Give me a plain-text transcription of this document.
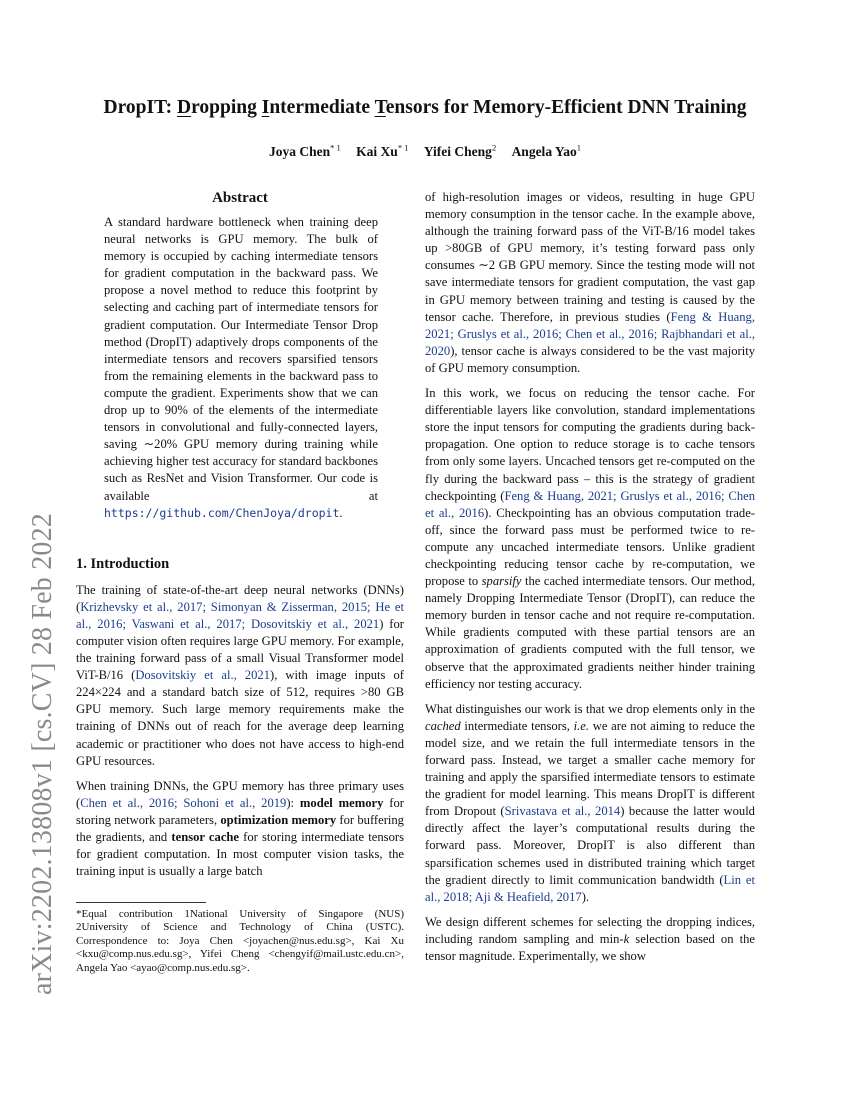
arXiv:2202.13808v1 [cs.CV] 28 Feb 2022
DropIT: Dropping Intermediate Tensors for Memory-Efficient DNN Training
Joya Chen$^{* 1}$ Kai Xu$^{* 1}$ Yifei Cheng$^2$ Angela Yao$^1$
Abstract
A standard hardware bottleneck when training deep neural networks is GPU memory. The bulk of memory is occupied by caching intermediate tensors for gradient computation in the backward pass. We propose a novel method to reduce this footprint by selecting and caching part of intermediate tensors for gradient computation. Our Intermediate Tensor Drop method (DropIT) adaptively drops components of the intermediate tensors and recovers sparsified tensors from the remaining elements in the backward pass to compute the gradient. Experiments show that we can drop up to 90% of the elements of the intermediate tensors in convolutional and fully-connected layers, saving ∼20% GPU memory during training while achieving higher test accuracy for standard backbones such as ResNet and Vision Transformer. Our code is available at https://github.com/ChenJoya/dropit.
1. Introduction

The training of state-of-the-art deep neural networks (DNNs) (Krizhevsky et al., 2017; Simonyan & Zisserman, 2015; He et al., 2016; Vaswani et al., 2017; Dosovitskiy et al., 2021) for computer vision often requires large GPU memory. For example, the training forward pass of a small Visual Transformer model ViT-B/16 (Dosovitskiy et al., 2021), with image inputs of 224×224 and a standard batch size of 512, requires >80 GB GPU memory. Such large memory requirements make the training of DNNs out of reach for the average deep learning academic or practitioner who does not have access to high-end GPU resources.

When training DNNs, the GPU memory has three primary uses (Chen et al., 2016; Sohoni et al., 2019): model memory for storing network parameters, optimization memory for buffering the gradients, and tensor cache for storing intermediate tensors for gradient computation. In most computer vision tasks, the training input is usually a large batch

*Equal contribution 1National University of Singapore (NUS) 2University of Science and Technology of China (USTC). Correspondence to: Joya Chen <joyachen@nus.edu.sg>, Kai Xu <kxu@comp.nus.edu.sg>, Yifei Cheng <chengyif@mail.ustc.edu.cn>, Angela Yao <ayao@comp.nus.edu.sg>.

of high-resolution images or videos, resulting in huge GPU memory consumption in the tensor cache. In the example above, although the training forward pass of the ViT-B/16 model takes up >80GB of GPU memory, it’s testing forward pass only consumes ∼2 GB GPU memory. Since the testing mode will not save intermediate tensors for gradient computation, the vast gap in GPU memory between training and testing is caused by the tensor cache. Therefore, in previous studies (Feng & Huang, 2021; Gruslys et al., 2016; Chen et al., 2016; Rajbhandari et al., 2020), tensor cache is always considered to be the vast majority of GPU memory consumption.

In this work, we focus on reducing the tensor cache. For differentiable layers like convolution, standard implementations store the input tensors for computing the gradients during back-propagation. One option to reduce storage is to cache tensors from only some layers. Uncached tensors get re-computed on the fly during the backward pass – this is the strategy of gradient checkpointing (Feng & Huang, 2021; Gruslys et al., 2016; Chen et al., 2016). Checkpointing has an obvious computation trade-off, since the forward pass must be performed twice to re-compute any uncached intermediate tensors. Unlike gradient checkpointing reducing tensor cache by re-computation, we propose to sparsify the cached intermediate tensors. Our method, namely Dropping Intermediate Tensor (DropIT), can reduce the memory burden in tensor cache and not require re-computation. While gradients computed with these partial tensors are an approximation of gradients computed with the full tensor, we observe that the approximated gradients neither hinder training efficiency nor testing accuracy.

What distinguishes our work is that we drop elements only in the cached intermediate tensors, i.e. we are not aiming to reduce the model size, and we retain the full intermediate tensors in the forward pass. Instead, we target a smaller cache memory for training and apply the sparsified intermediate tensors to estimate the gradient for model learning. This means DropIT is different from Dropout (Srivastava et al., 2014) because the latter would directly affect the layer’s computational results during the forward pass. Moreover, DropIT is also different than sparsification schemes used in distributed training which target the gradient directly to limit communication bandwidth (Lin et al., 2018; Aji & Heafield, 2017).

We design different schemes for selecting the dropping indices, including random sampling and min-k selection based on the tensor magnitude. Experimentally, we show
